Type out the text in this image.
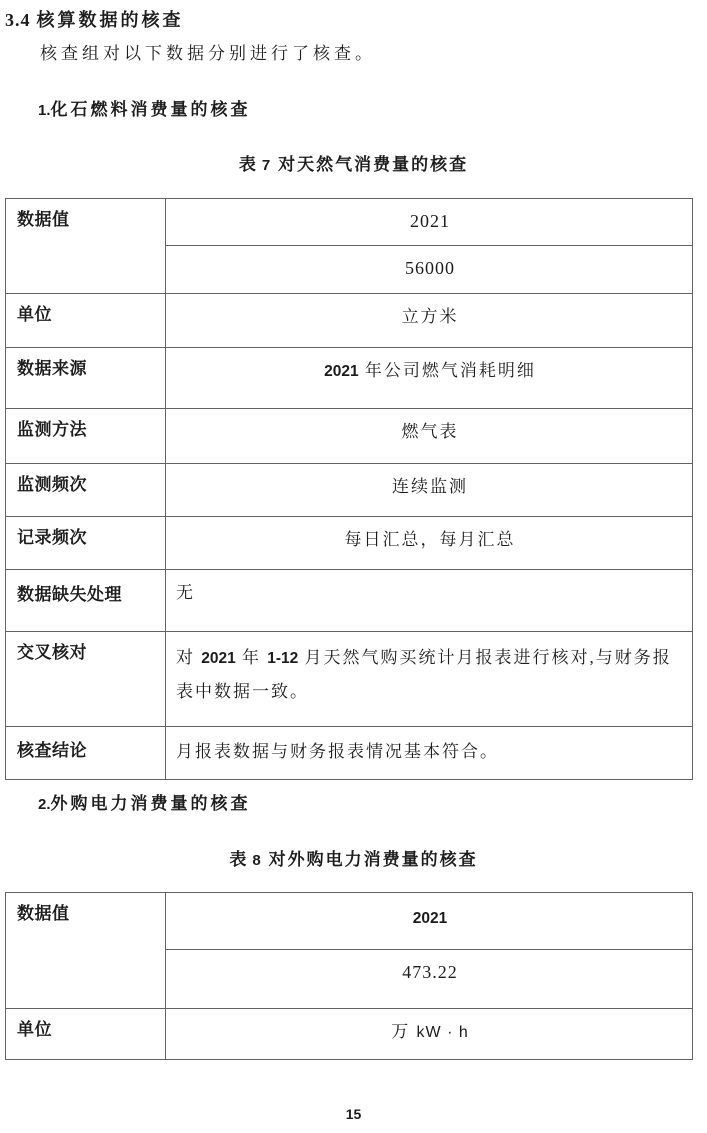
3.4 核算数据的核查
核查组对以下数据分别进行了核查。
1.化石燃料消费量的核查
表 7 对天然气消费量的核查
数据值	2021
56000
单位	立方米
数据来源	2021 年公司燃气消耗明细
监测方法	燃气表
监测频次	连续监测
记录频次	每日汇总，每月汇总
数据缺失处理	无
交叉核对	对 2021 年 1-12 月天然气购买统计月报表进行核对,与财务报表中数据一致。
核查结论	月报表数据与财务报表情况基本符合。
2.外购电力消费量的核查
表 8 对外购电力消费量的核查
数据值	2021
473.22
单位	万 kW · h
15
